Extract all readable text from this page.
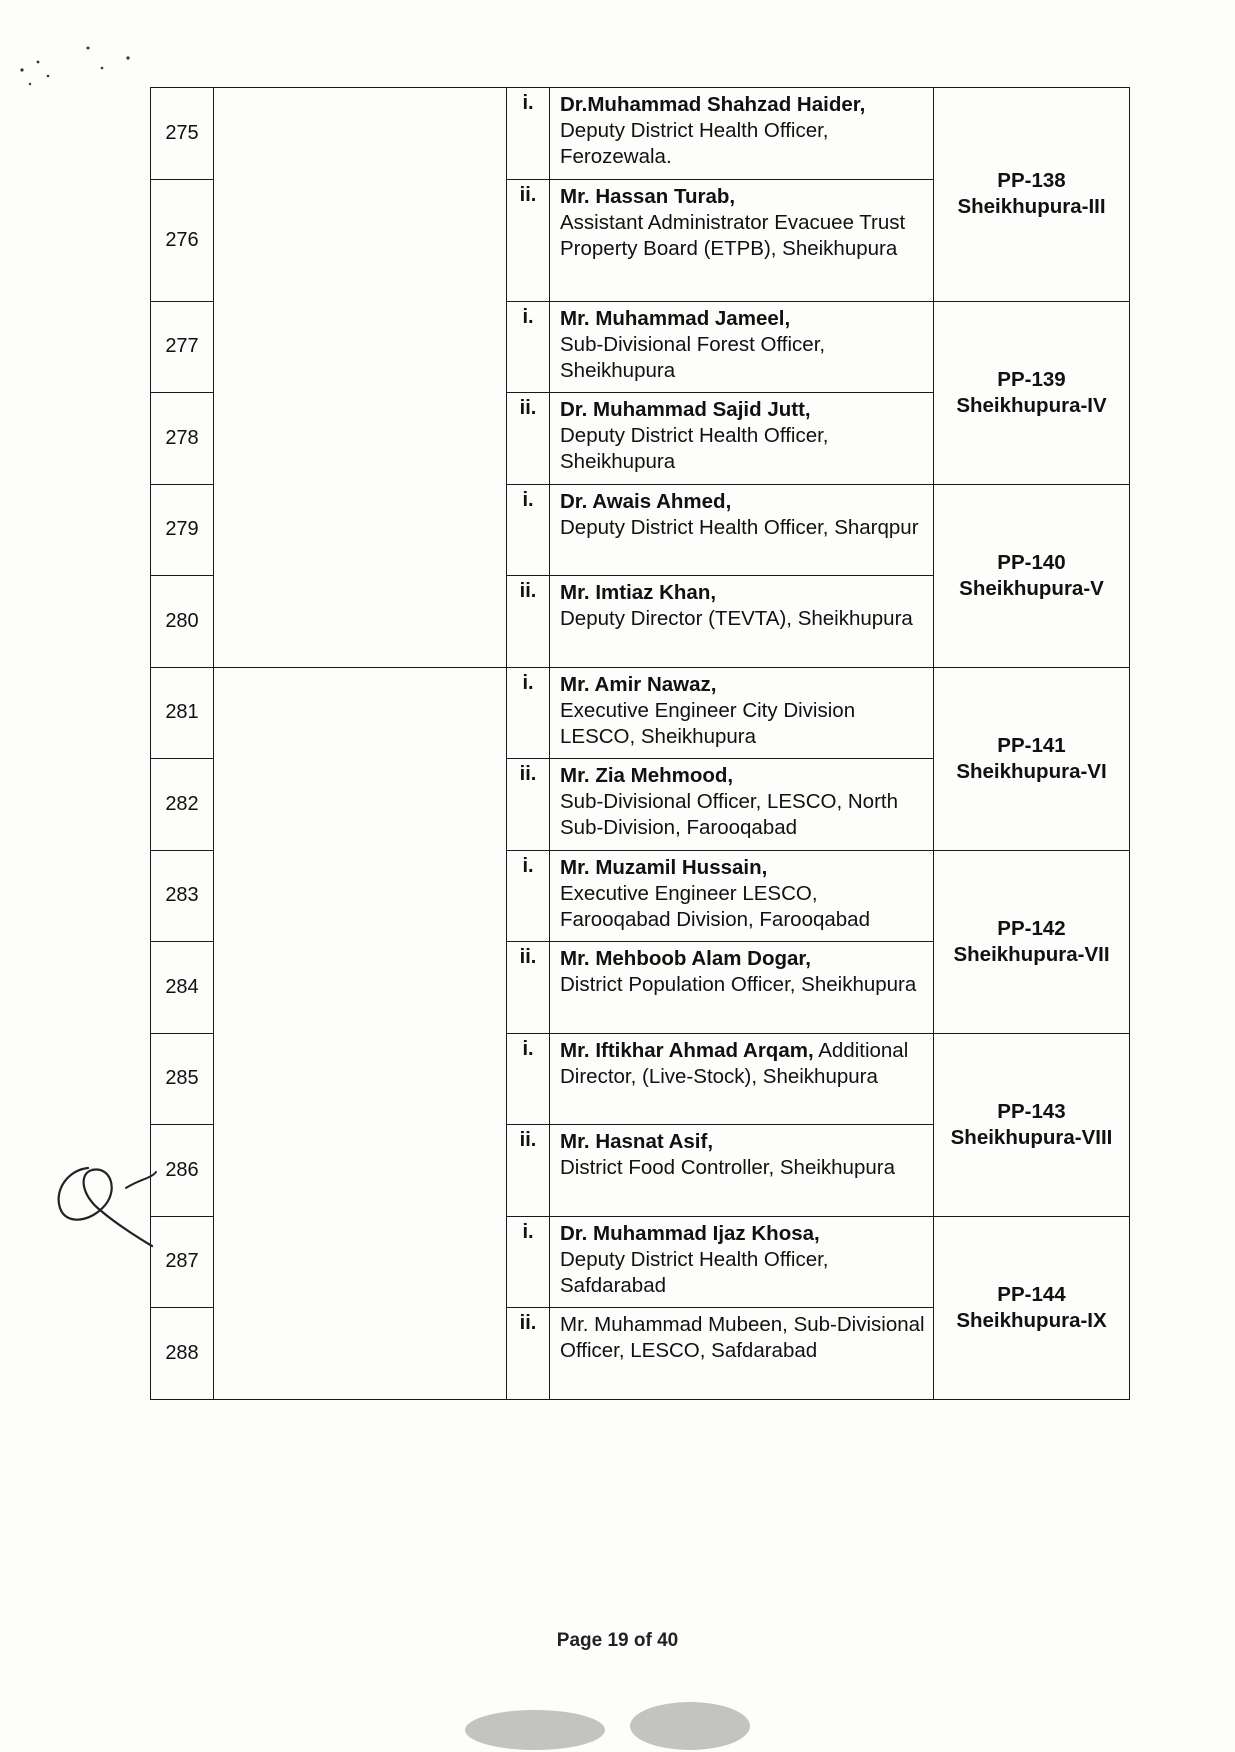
275		i.	Dr.Muhammad Shahzad Haider,
Deputy District Health Officer, Ferozewala.	PP-138
Sheikhupura-III

276		ii.	Mr. Hassan Turab,
Assistant Administrator Evacuee Trust Property Board (ETPB), Sheikhupura	
277		i.	Mr. Muhammad Jameel,
Sub-Divisional Forest Officer, Sheikhupura	PP-139
Sheikhupura-IV

278		ii.	Dr. Muhammad Sajid Jutt,
Deputy District Health Officer, Sheikhupura	
279		i.	Dr. Awais Ahmed,
Deputy District Health Officer, Sharqpur	PP-140
Sheikhupura-V

280		ii.	Mr. Imtiaz Khan,
Deputy Director (TEVTA), Sheikhupura	
281		i.	Mr. Amir Nawaz,
Executive Engineer City Division LESCO, Sheikhupura	PP-141
Sheikhupura-VI

282		ii.	Mr. Zia Mehmood,
Sub-Divisional Officer, LESCO, North Sub-Division, Farooqabad	
283		i.	Mr. Muzamil Hussain,
Executive Engineer LESCO, Farooqabad Division, Farooqabad	PP-142
Sheikhupura-VII

284		ii.	Mr. Mehboob Alam Dogar,
District Population Officer, Sheikhupura	
285		i.	Mr. Iftikhar Ahmad Arqam, Additional Director, (Live-Stock), Sheikhupura	PP-143
Sheikhupura-VIII

286		ii.	Mr. Hasnat Asif,
District Food Controller, Sheikhupura	
287		i.	Dr. Muhammad Ijaz Khosa,
Deputy District Health Officer, Safdarabad	PP-144
Sheikhupura-IX

288		ii.	Mr. Muhammad Mubeen, Sub-Divisional Officer, LESCO, Safdarabad	
Page 19 of 40
